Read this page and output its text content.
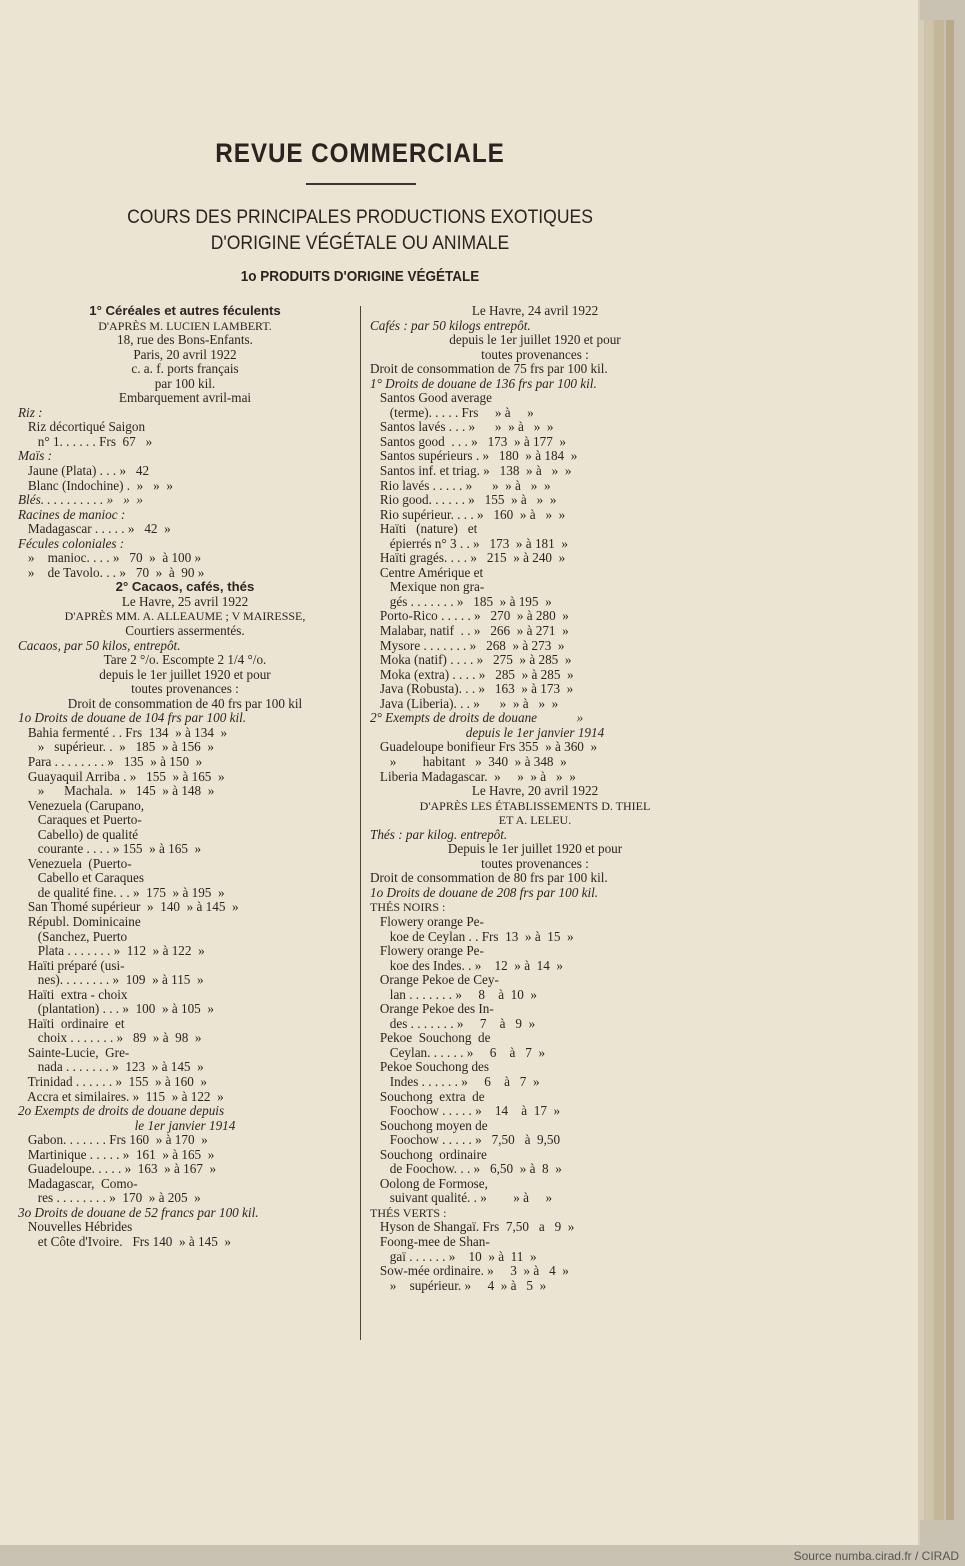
REVUE COMMERCIALE
COURS DES PRINCIPALES PRODUCTIONS EXOTIQUES
D'ORIGINE VÉGÉTALE OU ANIMALE
1o PRODUITS D'ORIGINE VÉGÉTALE
1° Céréales et autres féculents
D'APRÈS M. LUCIEN LAMBERT.
18, rue des Bons-Enfants.
Paris, 20 avril 1922
c. a. f. ports français
par 100 kil.
Embarquement avril-mai
Riz :
Riz décortiqué Saigon
n° 1. . . . . . Frs  67   »
Maïs :
Jaune (Plata) . . . »   42
Blanc (Indochine) .  »   »  »
Blés. . . . . . . . . . »   »  »
Racines de manioc :
Madagascar . . . . . »   42  »
Fécules coloniales :
»    manioc. . . . »   70  »  à 100 »
»    de Tavolo. . . »   70  »  à  90 »
2° Cacaos, cafés, thés
Le Havre, 25 avril 1922
D'APRÈS MM. A. ALLEAUME ; V MAIRESSE,
Courtiers assermentés.
Cacaos, par 50 kilos, entrepôt.
Tare 2 °/o. Escompte 2 1/4 °/o.
depuis le 1er juillet 1920 et pour
toutes provenances :
Droit de consommation de 40 frs par 100 kil
1o Droits de douane de 104 frs par 100 kil.
Bahia fermenté . . Frs  134  » à 134  »
»   supérieur. .  »   185  » à 156  »
Para . . . . . . . . »   135  » à 150  »
Guayaquil Arriba . »   155  » à 165  »
»      Machala.  »   145  » à 148  »
Venezuela (Carupano,
Caraques et Puerto-
Cabello) de qualité
courante . . . . » 155  » à 165  »
Venezuela  (Puerto-
Cabello et Caraques
de qualité fine. . . »  175  » à 195  »
San Thomé supérieur  »  140  » à 145  »
Républ. Dominicaine
(Sanchez, Puerto
Plata . . . . . . . »  112  » à 122  »
Haïti préparé (usi-
nes). . . . . . . . »  109  » à 115  »
Haïti  extra - choix
(plantation) . . . »  100  » à 105  »
Haïti  ordinaire  et
choix . . . . . . . »   89  » à  98  »
Sainte-Lucie,  Gre-
nada . . . . . . . »  123  » à 145  »
Trinidad . . . . . . »  155  » à 160  »
Accra et similaires. »  115  » à 122  »
2o Exempts de droits de douane depuis
le 1er janvier 1914
Gabon. . . . . . . Frs 160  » à 170  »
Martinique . . . . . »  161  » à 165  »
Guadeloupe. . . . . »  163  » à 167  »
Madagascar,  Como-
res . . . . . . . . »  170  » à 205  »
3o Droits de douane de 52 francs par 100 kil.
Nouvelles Hébrides
et Côte d'Ivoire.   Frs 140  » à 145  »
Le Havre, 24 avril 1922
Cafés : par 50 kilogs entrepôt.
depuis le 1er juillet 1920 et pour
toutes provenances :
Droit de consommation de 75 frs par 100 kil.
1° Droits de douane de 136 frs par 100 kil.
Santos Good average
(terme). . . . . Frs     » à     »
Santos lavés . . . »      »  » à   »  »
Santos good  . . . »   173  » à 177  »
Santos supérieurs . »   180  » à 184  »
Santos inf. et triag. »   138  » à   »  »
Rio lavés . . . . . »      »  » à   »  »
Rio good. . . . . . »   155  » à   »  »
Rio supérieur. . . . »   160  » à   »  »
Haïti   (nature)   et
épierrés n° 3 . . »   173  » à 181  »
Haïti gragés. . . . »   215  » à 240  »
Centre Amérique et
Mexique non gra-
gés . . . . . . . »   185  » à 195  »
Porto-Rico . . . . . »   270  » à 280  »
Malabar, natif  . . »   266  » à 271  »
Mysore . . . . . . . »   268  » à 273  »
Moka (natif) . . . . »   275  » à 285  »
Moka (extra) . . . . »   285  » à 285  »
Java (Robusta). . . »   163  » à 173  »
Java (Liberia). . . »      »  » à   »  »
2° Exempts de droits de douane            »
depuis le 1er janvier 1914
Guadeloupe bonifieur Frs 355  » à 360  »
»        habitant   »  340  » à 348  »
Liberia Madagascar.  »     »  » à   »  »
Le Havre, 20 avril 1922
D'APRÈS LES ÉTABLISSEMENTS D. THIEL
ET A. LELEU.
Thés : par kilog. entrepôt.
Depuis le 1er juillet 1920 et pour
toutes provenances :
Droit de consommation de 80 frs par 100 kil.
1o Droits de douane de 208 frs par 100 kil.
THÉS NOIRS :
Flowery orange Pe-
koe de Ceylan . . Frs  13  » à  15  »
Flowery orange Pe-
koe des Indes. . »    12  » à  14  »
Orange Pekoe de Cey-
lan . . . . . . . »     8    à  10  »
Orange Pekoe des In-
des . . . . . . . »     7    à   9  »
Pekoe  Souchong  de
Ceylan. . . . . . »     6    à   7  »
Pekoe Souchong des
Indes . . . . . . »     6    à   7  »
Souchong  extra  de
Foochow . . . . . »    14    à  17  »
Souchong moyen de
Foochow . . . . . »   7,50   à  9,50
Souchong  ordinaire
de Foochow. . . »   6,50  » à  8  »
Oolong de Formose,
suivant qualité. . »        » à     »
THÉS VERTS :
Hyson de Shangaï. Frs  7,50   a   9  »
Foong-mee de Shan-
gaï . . . . . . »    10  » à  11  »
Sow-mée ordinaire. »     3  » à   4  »
»    supérieur. »     4  » à   5  »
Source numba.cirad.fr / CIRAD
